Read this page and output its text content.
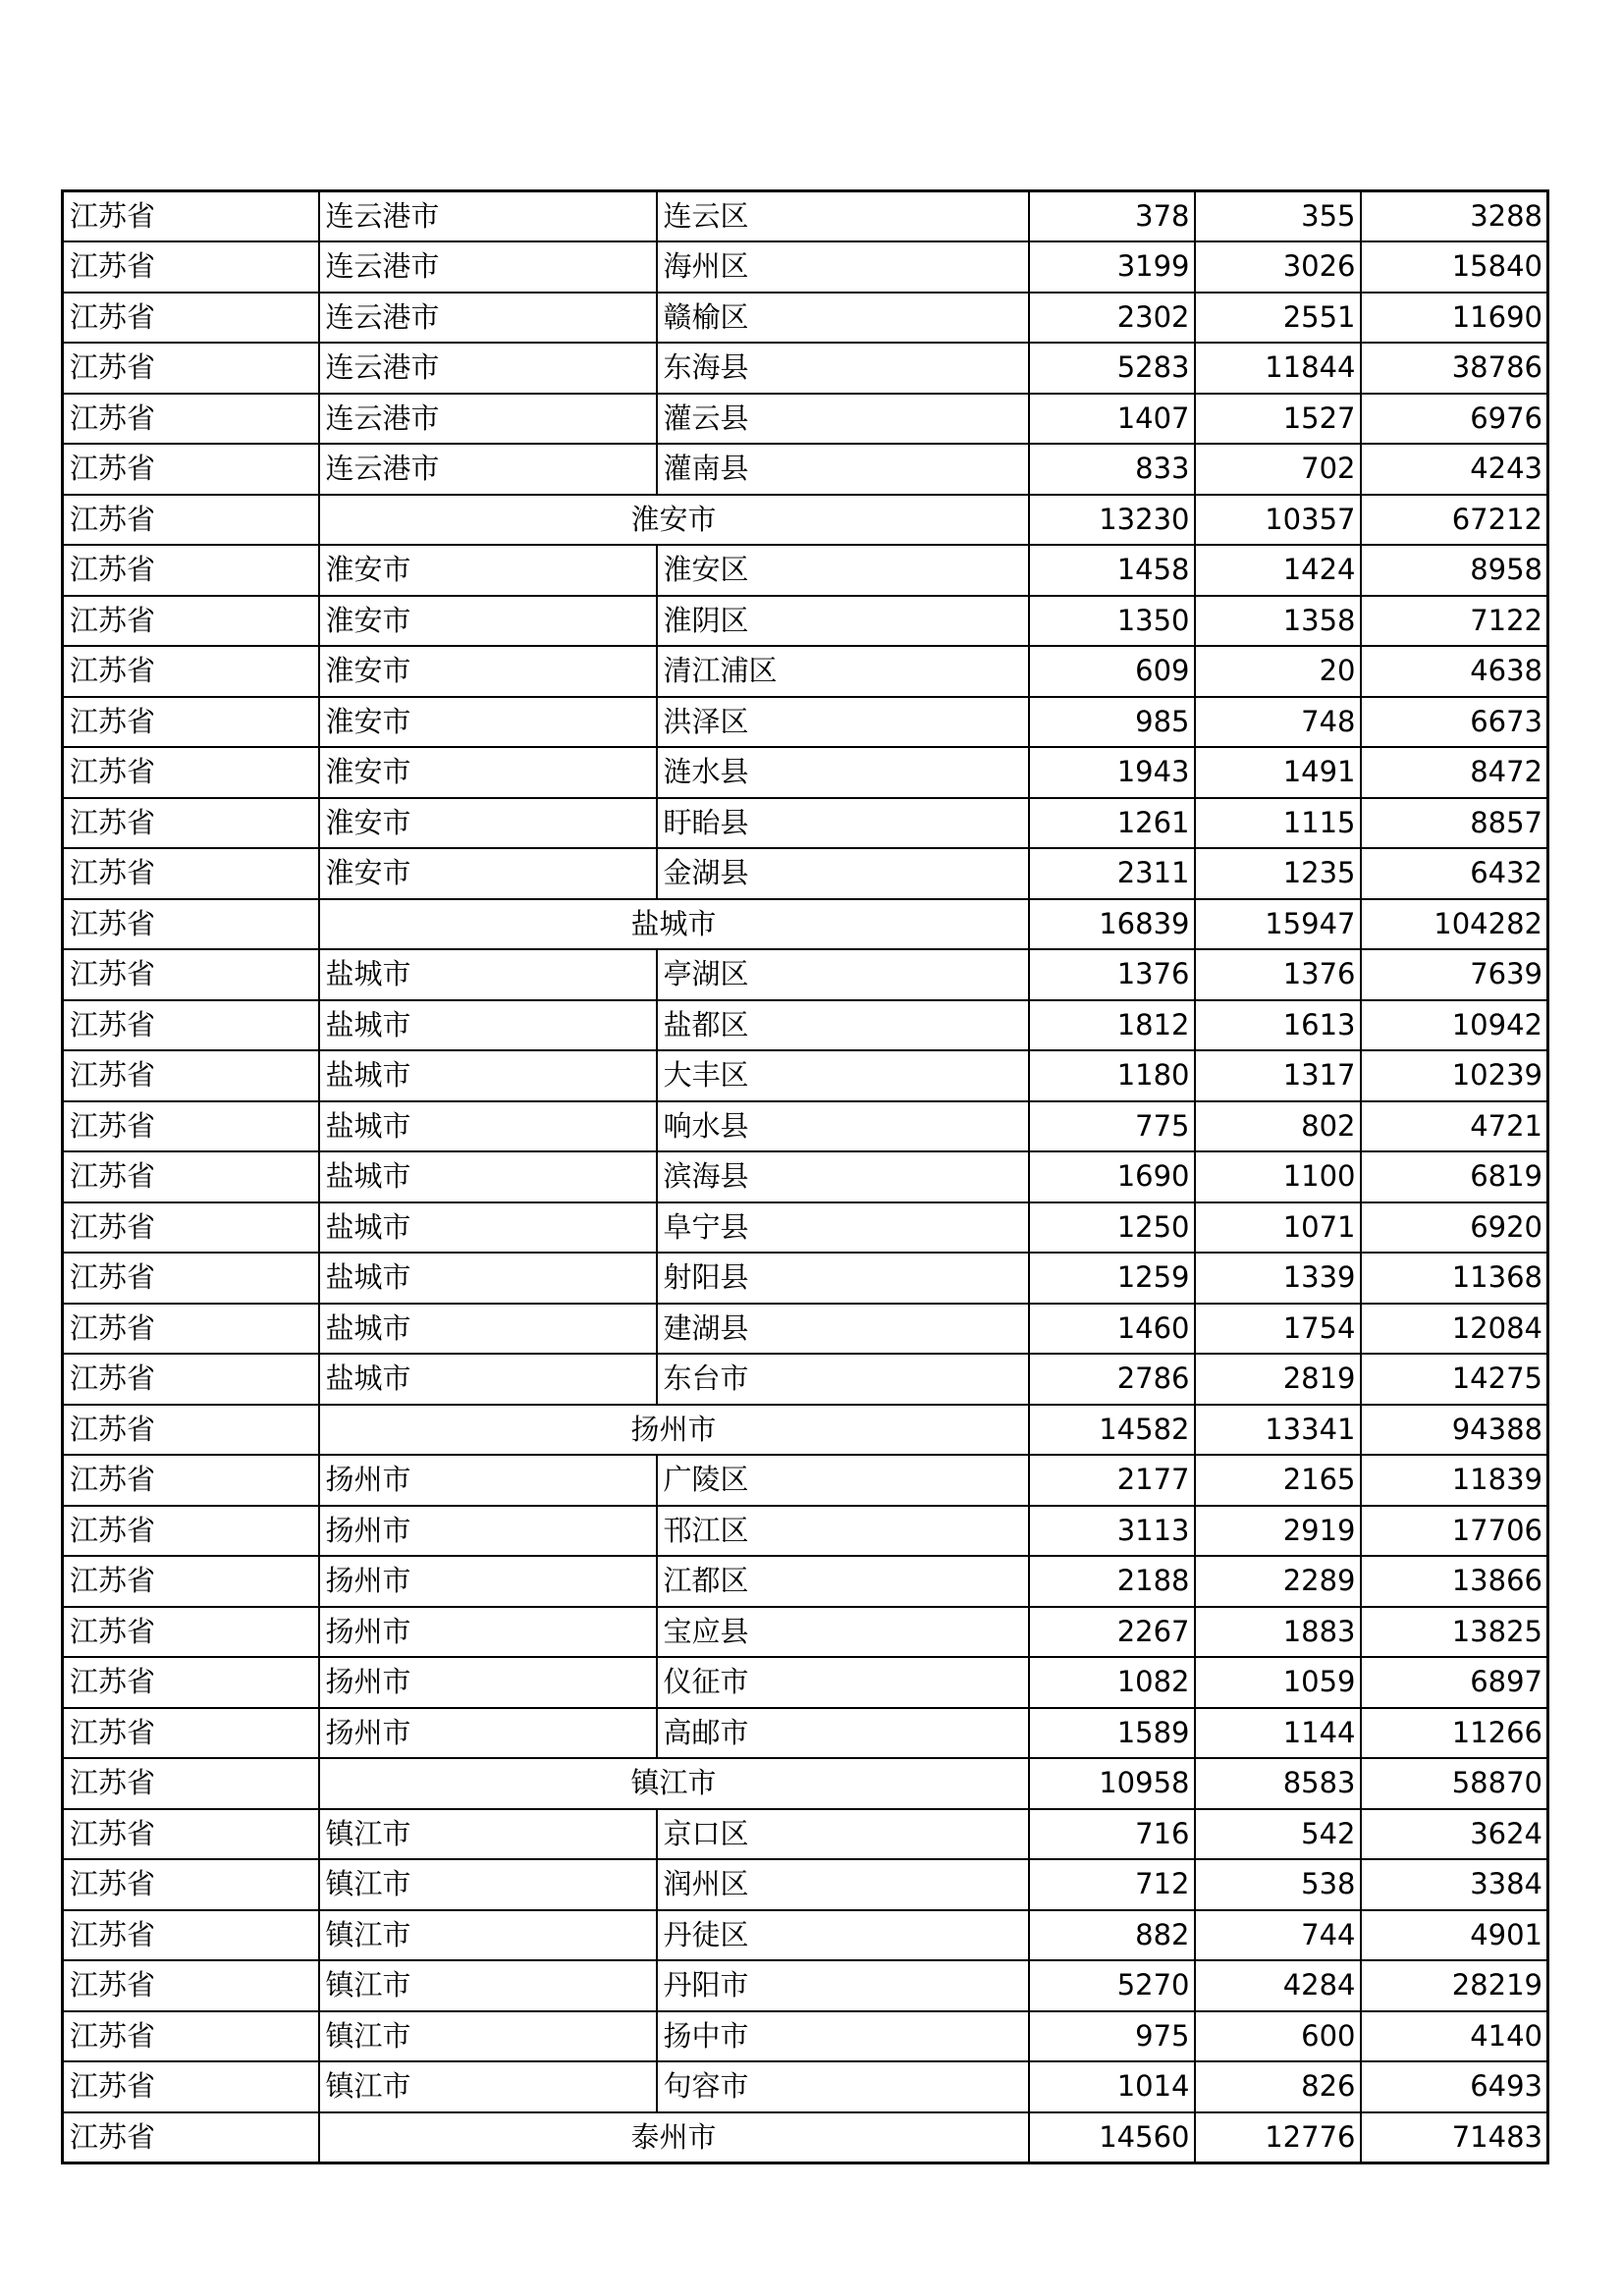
江苏省	连云港市	连云区	378	355	3288
江苏省	连云港市	海州区	3199	3026	15840
江苏省	连云港市	赣榆区	2302	2551	11690
江苏省	连云港市	东海县	5283	11844	38786
江苏省	连云港市	灌云县	1407	1527	6976
江苏省	连云港市	灌南县	833	702	4243
江苏省	淮安市		13230	10357	67212
江苏省	淮安市	淮安区	1458	1424	8958
江苏省	淮安市	淮阴区	1350	1358	7122
江苏省	淮安市	清江浦区	609	20	4638
江苏省	淮安市	洪泽区	985	748	6673
江苏省	淮安市	涟水县	1943	1491	8472
江苏省	淮安市	盱眙县	1261	1115	8857
江苏省	淮安市	金湖县	2311	1235	6432
江苏省	盐城市		16839	15947	104282
江苏省	盐城市	亭湖区	1376	1376	7639
江苏省	盐城市	盐都区	1812	1613	10942
江苏省	盐城市	大丰区	1180	1317	10239
江苏省	盐城市	响水县	775	802	4721
江苏省	盐城市	滨海县	1690	1100	6819
江苏省	盐城市	阜宁县	1250	1071	6920
江苏省	盐城市	射阳县	1259	1339	11368
江苏省	盐城市	建湖县	1460	1754	12084
江苏省	盐城市	东台市	2786	2819	14275
江苏省	扬州市		14582	13341	94388
江苏省	扬州市	广陵区	2177	2165	11839
江苏省	扬州市	邗江区	3113	2919	17706
江苏省	扬州市	江都区	2188	2289	13866
江苏省	扬州市	宝应县	2267	1883	13825
江苏省	扬州市	仪征市	1082	1059	6897
江苏省	扬州市	高邮市	1589	1144	11266
江苏省	镇江市		10958	8583	58870
江苏省	镇江市	京口区	716	542	3624
江苏省	镇江市	润州区	712	538	3384
江苏省	镇江市	丹徒区	882	744	4901
江苏省	镇江市	丹阳市	5270	4284	28219
江苏省	镇江市	扬中市	975	600	4140
江苏省	镇江市	句容市	1014	826	6493
江苏省	泰州市		14560	12776	71483
